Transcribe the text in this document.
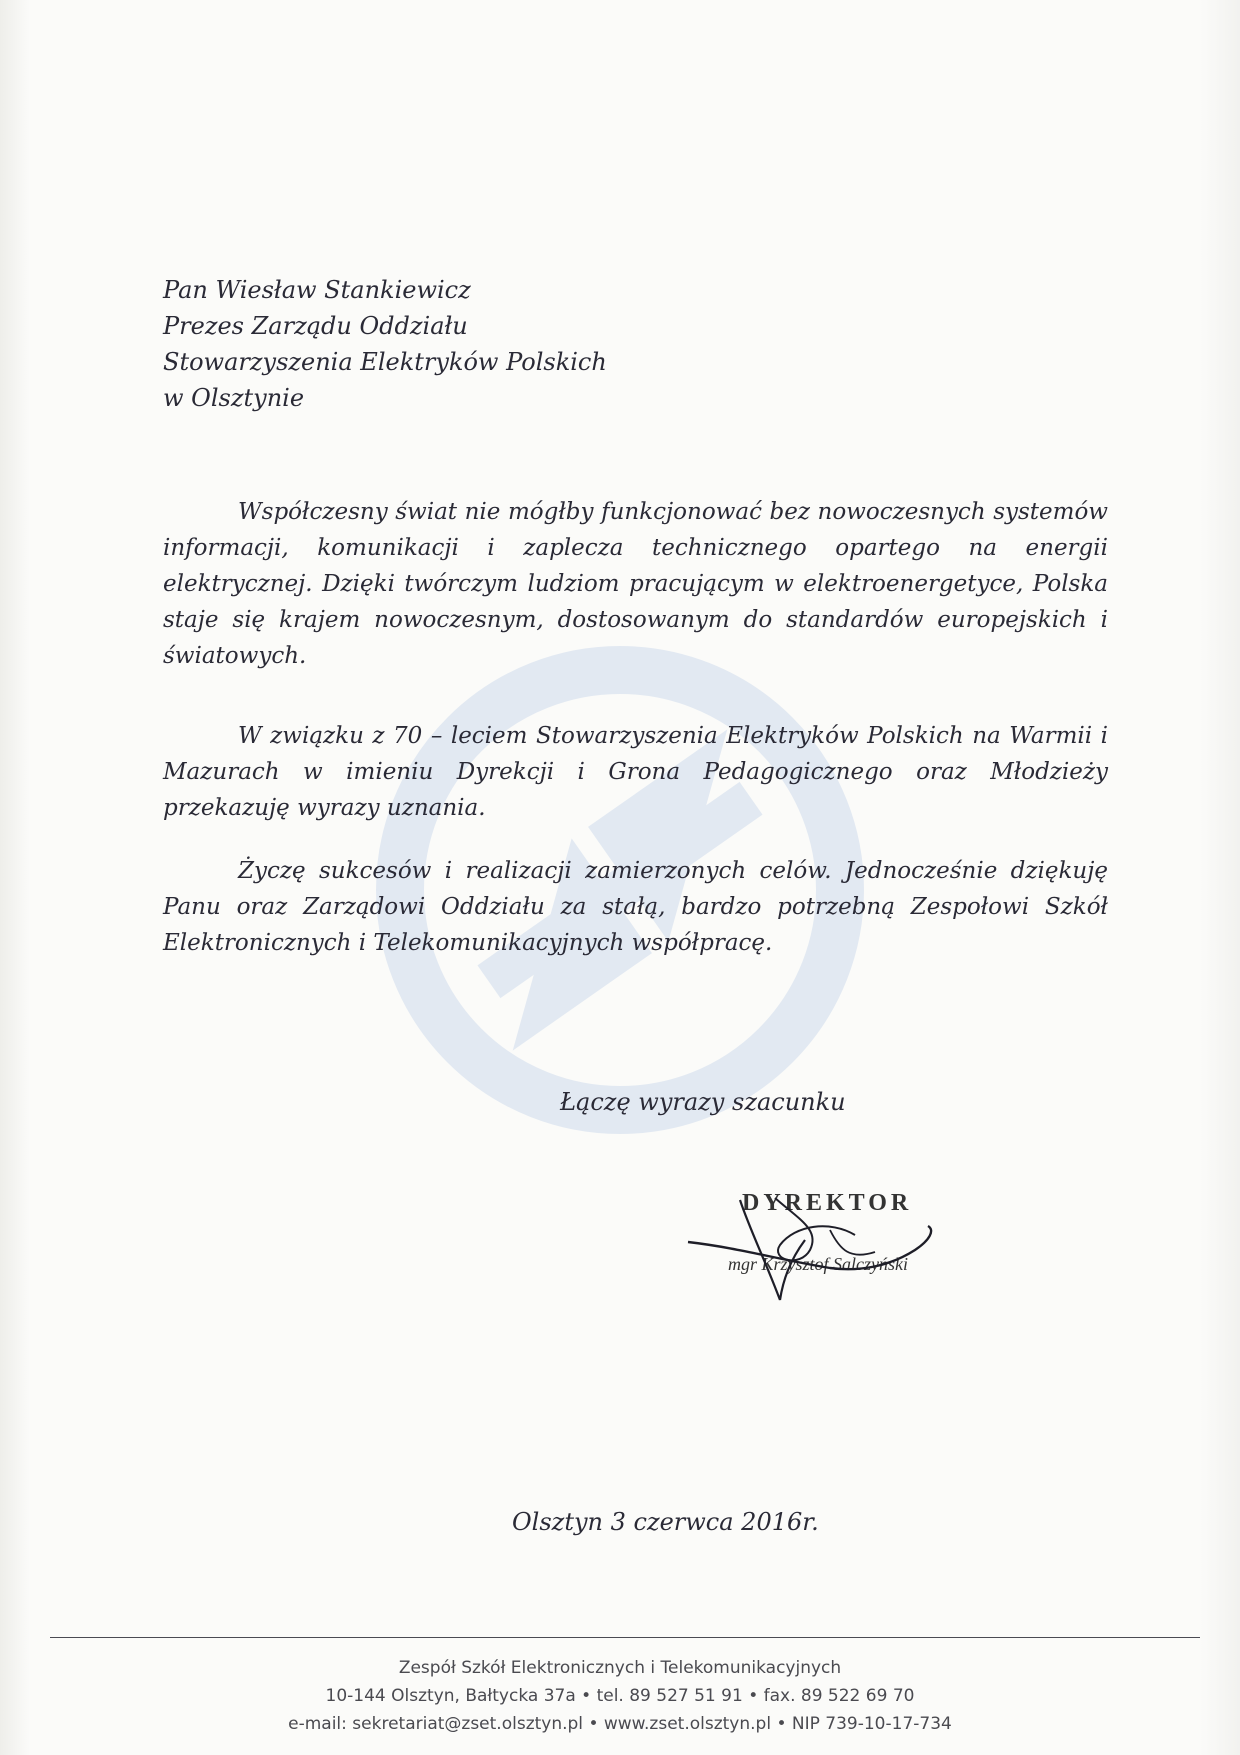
Pan Wiesław Stankiewicz
Prezes Zarządu Oddziału
Stowarzyszenia Elektryków Polskich
w Olsztynie

Współczesny świat nie mógłby funkcjonować bez nowoczesnych systemów informacji, komunikacji i zaplecza technicznego opartego na energii elektrycznej. Dzięki twórczym ludziom pracującym w elektroenergetyce, Polska staje się krajem nowoczesnym, dostosowanym do standardów europejskich i światowych.

W związku z 70 – leciem Stowarzyszenia Elektryków Polskich na Warmii i Mazurach w imieniu Dyrekcji i Grona Pedagogicznego oraz Młodzieży przekazuję wyrazy uznania.

Życzę sukcesów i realizacji zamierzonych celów. Jednocześnie dziękuję Panu oraz Zarządowi Oddziału za stałą, bardzo potrzebną Zespołowi Szkół Elektronicznych i Telekomunikacyjnych współpracę.

Łączę wyrazy szacunku
DYREKTOR
mgr Krzysztof Salczyński
Olsztyn 3 czerwca 2016r.
Zespół Szkół Elektronicznych i Telekomunikacyjnych
10-144 Olsztyn, Bałtycka 37a • tel. 89 527 51 91 • fax. 89 522 69 70
e-mail: sekretariat@zset.olsztyn.pl • www.zset.olsztyn.pl • NIP 739-10-17-734
